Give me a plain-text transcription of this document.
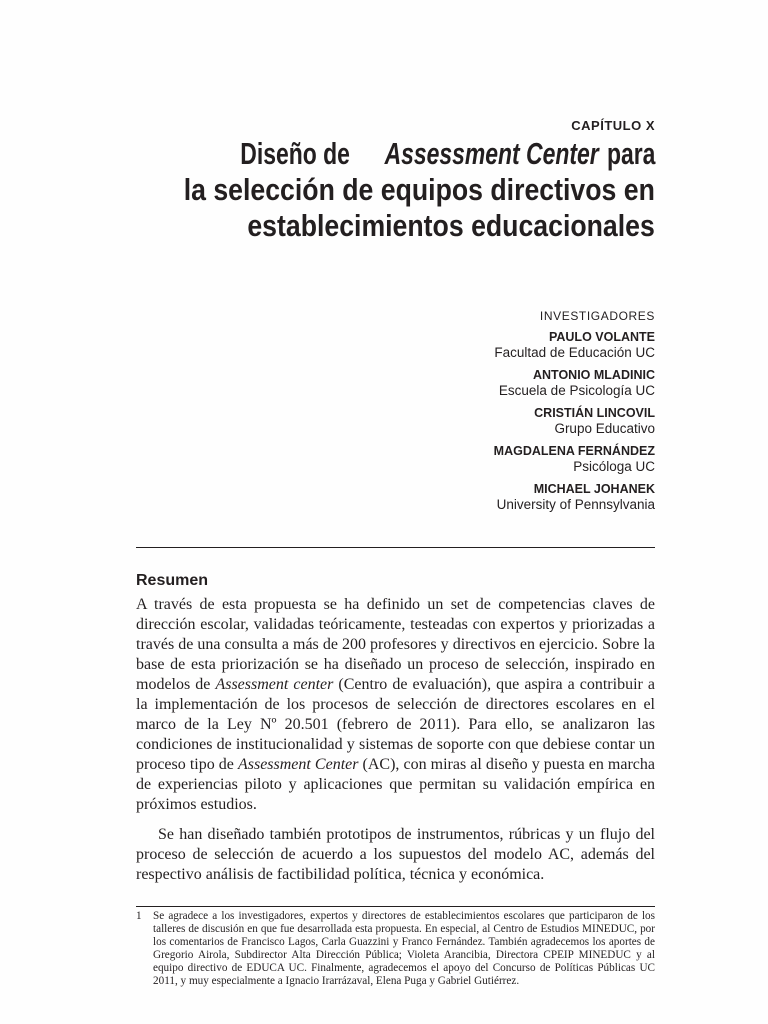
CAPÍTULO X
Diseño deAssessment Centerpara
la selección de equipos directivos en
establecimientos educacionales
INVESTIGADORES
PAULO VOLANTE
Facultad de Educación UC
ANTONIO MLADINIC
Escuela de Psicología UC
CRISTIÁN LINCOVIL
Grupo Educativo
MAGDALENA FERNÁNDEZ
Psicóloga UC
MICHAEL JOHANEK
University of Pennsylvania
Resumen

A través de esta propuesta se ha definido un set de competencias claves de dirección escolar, validadas teóricamente, testeadas con expertos y priorizadas a través de una consulta a más de 200 profesores y directivos en ejercicio. Sobre la base de esta priorización se ha diseñado un proceso de selección, inspirado en modelos de Assessment center (Centro de evaluación), que aspira a contribuir a la implementación de los procesos de selección de directores escolares en el marco de la Ley Nº 20.501 (febrero de 2011). Para ello, se analizaron las condiciones de institucionalidad y sistemas de soporte con que debiese contar un proceso tipo de Assessment Center (AC), con miras al diseño y puesta en marcha de experiencias piloto y aplicaciones que permitan su validación empírica en próximos estudios.

Se han diseñado también prototipos de instrumentos, rúbricas y un flujo del proceso de selección de acuerdo a los supuestos del modelo AC, además del respectivo análisis de factibilidad política, técnica y económica.

1	Se agradece a los investigadores, expertos y directores de establecimientos escolares que participaron de los talleres de discusión en que fue desarrollada esta propuesta. En especial, al Centro de Estudios MINEDUC, por los comentarios de Francisco Lagos, Carla Guazzini y Franco Fernández. También agradecemos los aportes de Gregorio Airola, Subdirector Alta Dirección Pública; Violeta Arancibia, Directora CPEIP MINEDUC y al equipo directivo de EDUCA UC. Finalmente, agradecemos el apoyo del Concurso de Políticas Públicas UC 2011, y muy especialmente a Ignacio Irarrázaval, Elena Puga y Gabriel Gutiérrez.
